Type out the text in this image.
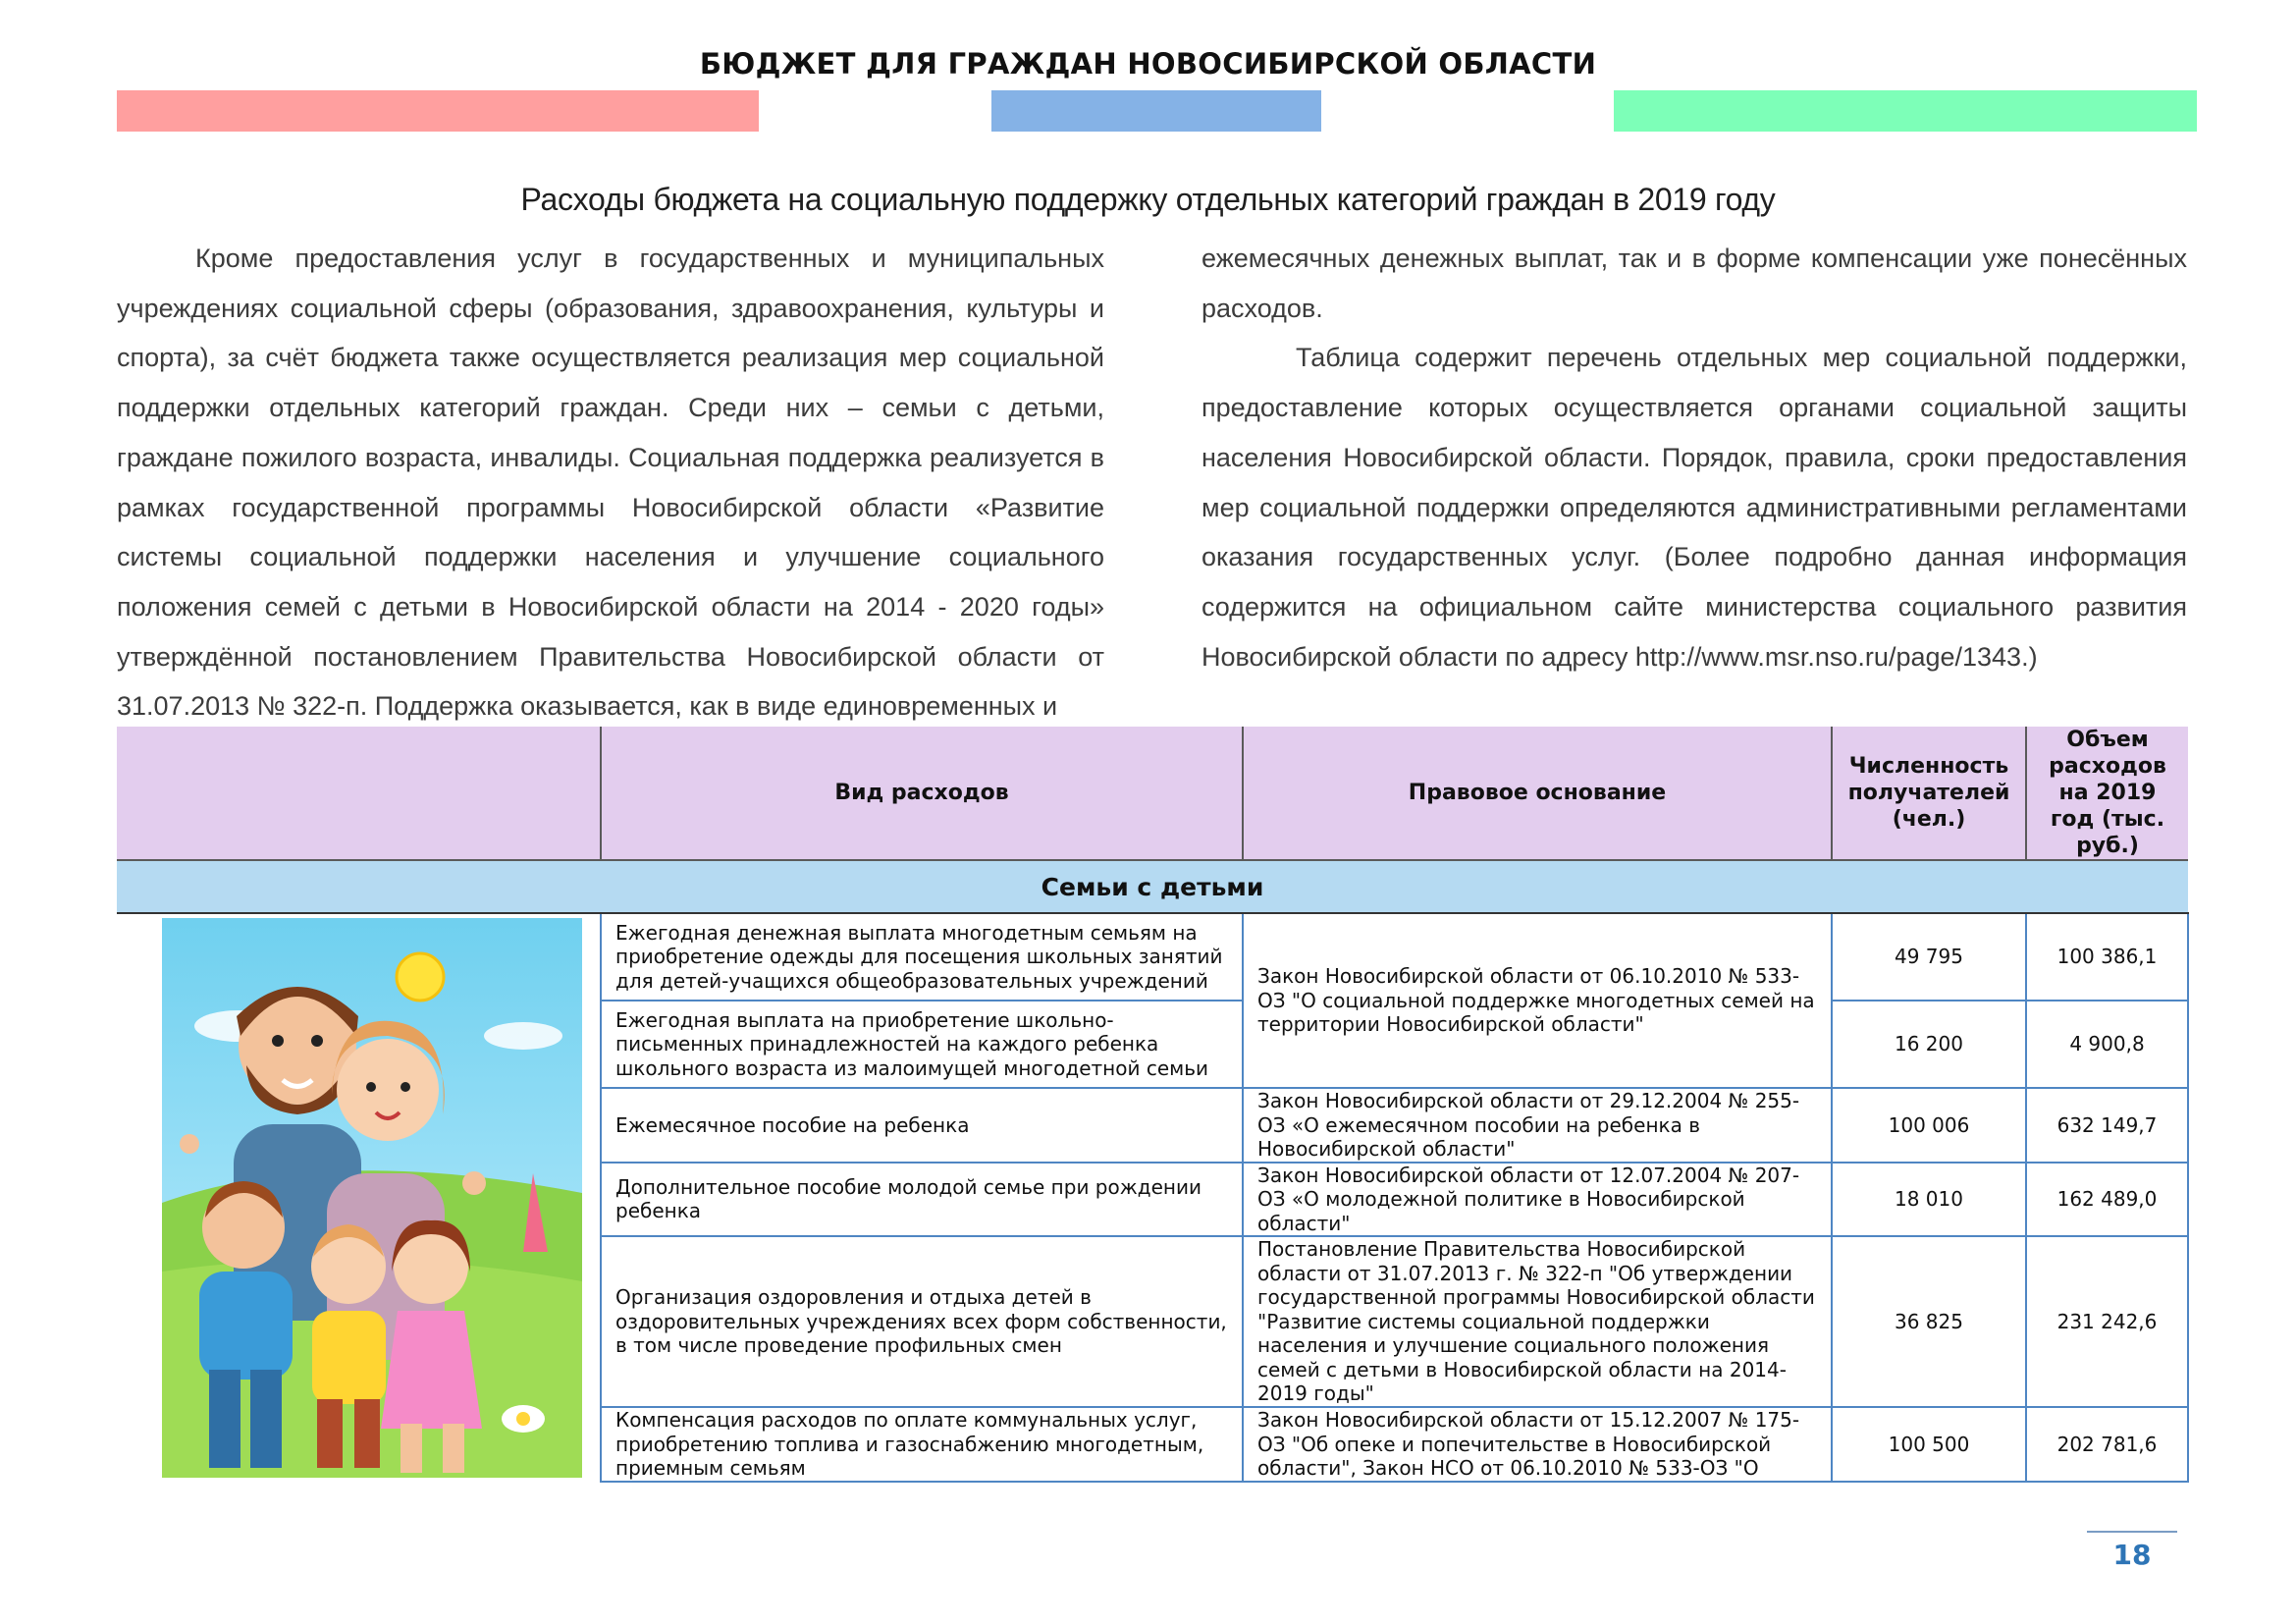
БЮДЖЕТ ДЛЯ ГРАЖДАН НОВОСИБИРСКОЙ ОБЛАСТИ
Расходы бюджета на социальную поддержку отдельных категорий граждан в 2019 году

Кроме предоставления услуг в государственных и муниципальных учреждениях социальной сферы (образования, здравоохранения, культуры и спорта), за счёт бюджета также осуществляется реализация мер социальной поддержки отдельных категорий граждан. Среди них – семьи с детьми, граждане пожилого возраста, инвалиды. Социальная поддержка реализуется в рамках государственной программы Новосибирской области «Развитие системы социальной поддержки населения и улучшение социального положения семей с детьми в Новосибирской области на 2014 - 2020 годы» утверждённой постановлением Правительства Новосибирской области от 31.07.2013 № 322-п. Поддержка оказывается, как в виде единовременных и

ежемесячных денежных выплат, так и в форме компенсации уже понесённых расходов.

Таблица содержит перечень отдельных мер социальной поддержки, предоставление которых осуществляется органами социальной защиты населения Новосибирской области. Порядок, правила, сроки предоставления мер социальной поддержки определяются административными регламентами оказания государственных услуг. (Более подробно данная информация содержится на официальном сайте министерства социального развития Новосибирской области по адресу http://www.msr.nso.ru/page/1343.)

	Вид расходов	Правовое основание	Численность получателей (чел.)	Объем расходов на 2019 год (тыс. руб.)
Семьи с детьми				

	Ежегодная денежная выплата многодетным семьям на приобретение одежды для посещения школьных занятий для детей-учащихся общеобразовательных учреждений	Закон Новосибирской области от 06.10.2010 № 533-ОЗ "О социальной поддержке многодетных семей на территории Новосибирской области"	49 795	100 386,1
	Ежегодная выплата на приобретение школьно-письменных принадлежностей на каждого ребенка школьного возраста из малоимущей многодетной семьи		16 200	4 900,8
	Ежемесячное пособие на ребенка	Закон Новосибирской области от 29.12.2004 № 255-ОЗ «О ежемесячном пособии на ребенка в Новосибирской области"	100 006	632 149,7
	Дополнительное пособие молодой семье при рождении ребенка	Закон Новосибирской области от 12.07.2004 № 207-ОЗ «О молодежной политике в Новосибирской области"	18 010	162 489,0
	Организация оздоровления и отдыха детей в оздоровительных учреждениях всех форм собственности, в том числе проведение профильных смен	Постановление Правительства Новосибирской области от 31.07.2013 г. № 322-п "Об утверждении государственной программы Новосибирской области "Развитие системы социальной поддержки населения и улучшение социального положения семей с детьми в Новосибирской области на 2014-2019 годы"	36 825	231 242,6
	Компенсация расходов по оплате коммунальных услуг, приобретению топлива и газоснабжению многодетным, приемным семьям	Закон Новосибирской области от 15.12.2007 № 175-ОЗ "Об опеке и попечительстве в Новосибирской области", Закон НСО от 06.10.2010 № 533-ОЗ "О	100 500	202 781,6
18
